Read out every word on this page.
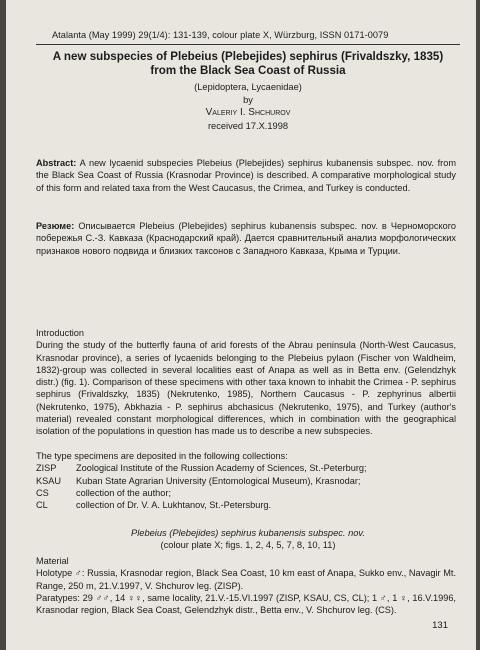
Atalanta (May 1999) 29(1/4): 131-139, colour plate X, Würzburg, ISSN 0171-0079
A new subspecies of Plebeius (Plebejides) sephirus (Frivaldszky, 1835)
from the Black Sea Coast of Russia
(Lepidoptera, Lycaenidae)
by
Valeriy I. Shchurov
received 17.X.1998
Abstract: A new lycaenid subspecies Plebeius (Plebejides) sephirus kubanensis subspec. nov. from the Black Sea Coast of Russia (Krasnodar Province) is described. A comparative morphological study of this form and related taxa from the West Caucasus, the Crimea, and Turkey is conducted.
Резюме: Описывается Plebeius (Plebejides) sephirus kubanensis subspec. nov. в Черноморского побережья С.-З. Кавказа (Краснодарский край). Дается сравнительный анализ морфологических признаков нового подвида и близких таксонов с Западного Кавказа, Крыма и Турции.
Introduction
During the study of the butterfly fauna of arid forests of the Abrau peninsula (North-West Caucasus, Krasnodar province), a series of lycaenids belonging to the Plebeius pylaon (Fischer von Waldheim, 1832)-group was collected in several localities east of Anapa as well as in Betta env. (Gelendzhyk distr.) (fig. 1). Comparison of these specimens with other taxa known to inhabit the Crimea - P. sephirus sephirus (Frivaldszky, 1835) (Nekrutenko, 1985), Northern Caucasus - P. zephyrinus albertii (Nekrutenko, 1975), Abkhazia - P. sephirus abchasicus (Nekrutenko, 1975), and Turkey (author's material) revealed constant morphological differences, which in combination with the geographical isolation of the populations in question has made us to describe a new subspecies.
The type specimens are deposited in the following collections:
ZISP	Zoological Institute of the Russion Academy of Sciences, St.-Peterburg;
KSAU	Kuban State Agrarian University (Entomological Museum), Krasnodar;
CS	collection of the author;
CL	collection of Dr. V. A. Lukhtanov, St.-Petersburg.
Plebeius (Plebejides) sephirus kubanensis subspec. nov.
(colour plate X; figs. 1, 2, 4, 5, 7, 8, 10, 11)
Material
Holotype ♂: Russia, Krasnodar region, Black Sea Coast, 10 km east of Anapa, Sukko env., Navagir Mt. Range, 250 m, 21.V.1997, V. Shchurov leg. (ZISP).
Paratypes: 29 ♂♂, 14 ♀♀, same locality, 21.V.-15.VI.1997 (ZISP, KSAU, CS, CL); 1 ♂, 1 ♀, 16.V.1996, Krasnodar region, Black Sea Coast, Gelendzhyk distr., Betta env., V. Shchurov leg. (CS).
131
